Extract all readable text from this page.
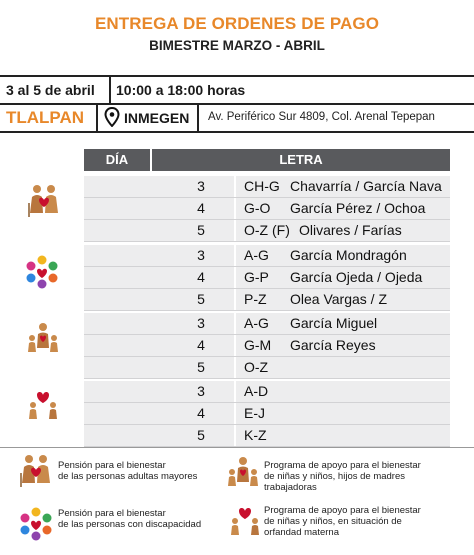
ENTREGA DE ORDENES DE PAGO
BIMESTRE MARZO - ABRIL
3 al 5 de abril 10:00 a 18:00 horas
TLALPAN	INMEGEN Av. Periférico Sur 4809, Col. Arenal Tepepan
DÍA	LETRA
3	CH-G Chavarría / García Nava
4	G-O García Pérez / Ochoa
5	O-Z (F) Olivares / Farías
3	A-G García Mondragón
4	G-P García Ojeda / Ojeda
5	P-Z Olea Vargas / Z
3	A-G García Miguel
4	G-M García Reyes
5	O-Z
3	A-D
4	E-J
5	K-Z
Pensión para el bienestar
de las personas adultas mayores
Pensión para el bienestar
de las personas con discapacidad
Programa de apoyo para el bienestar
de niñas y niños, hijos de madres
trabajadoras
Programa de apoyo para el bienestar
de niñas y niños, en situación de
orfandad materna
